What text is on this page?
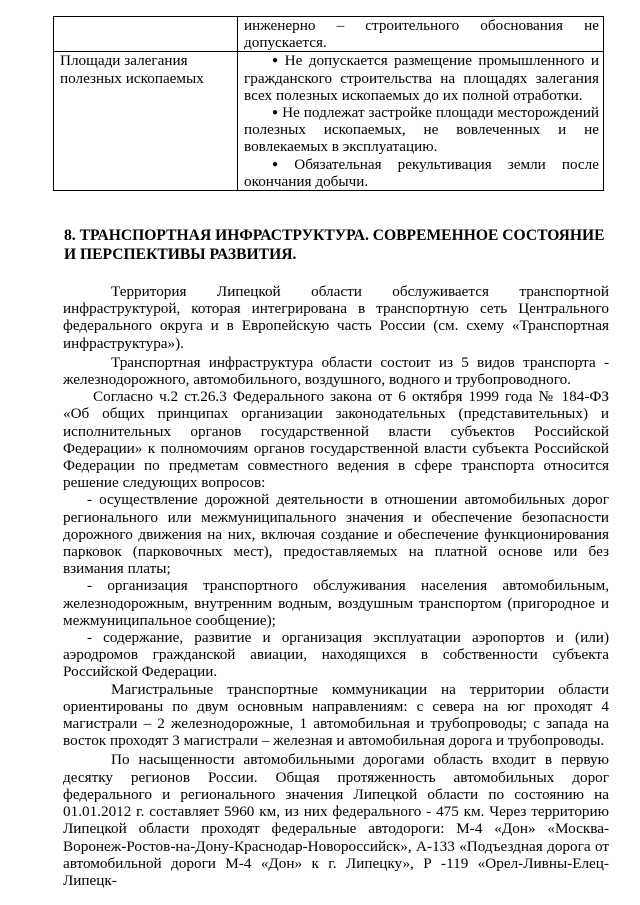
	инженерно – строительного обоснования не допускается.

Площади залегания полезных ископаемых	● Не допускается размещение промышленного и гражданского строительства на площадях залегания всех полезных ископаемых до их полной отработки.

● Не подлежат застройке площади месторождений полезных ископаемых, не вовлеченных и не вовлекаемых в эксплуатацию.

● Обязательная рекультивация земли после окончания добычи.

8. ТРАНСПОРТНАЯ ИНФРАСТРУКТУРА. СОВРЕМЕННОЕ СОСТОЯНИЕ И ПЕРСПЕКТИВЫ РАЗВИТИЯ.

Территория Липецкой области обслуживается транспортной инфраструктурой, которая интегрирована в транспортную сеть Центрального федерального округа и в Европейскую часть России (см. схему «Транспортная инфраструктура»).

Транспортная инфраструктура области состоит из 5 видов транспорта - железнодорожного, автомобильного, воздушного, водного и трубопроводного.

Согласно ч.2 ст.26.3 Федерального закона от 6 октября 1999 года № 184-ФЗ «Об общих принципах организации законодательных (представительных) и исполнительных органов государственной власти субъектов Российской Федерации» к полномочиям органов государственной власти субъекта Российской Федерации по предметам совместного ведения в сфере транспорта относится решение следующих вопросов:

- осуществление дорожной деятельности в отношении автомобильных дорог регионального или межмуниципального значения и обеспечение безопасности дорожного движения на них, включая создание и обеспечение функционирования парковок (парковочных мест), предоставляемых на платной основе или без взимания платы;

- организация транспортного обслуживания населения автомобильным, железнодорожным, внутренним водным, воздушным транспортом (пригородное и межмуниципальное сообщение);

- содержание, развитие и организация эксплуатации аэропортов и (или) аэродромов гражданской авиации, находящихся в собственности субъекта Российской Федерации.

Магистральные транспортные коммуникации на территории области ориентированы по двум основным направлениям: с севера на юг проходят 4 магистрали – 2 железнодорожные, 1 автомобильная и трубопроводы; с запада на восток проходят 3 магистрали – железная и автомобильная дорога и трубопроводы.

По насыщенности автомобильными дорогами область входит в первую десятку регионов России. Общая протяженность автомобильных дорог федерального и регионального значения Липецкой области по состоянию на 01.01.2012 г. составляет 5960 км, из них федерального - 475 км. Через территорию Липецкой области проходят федеральные автодороги: М-4 «Дон» «Москва-Воронеж-Ростов-на-Дону-Краснодар-Новороссийск», А-133 «Подъездная дорога от автомобильной дороги М-4 «Дон» к г. Липецку», Р -119 «Орел-Ливны-Елец-Липецк-
